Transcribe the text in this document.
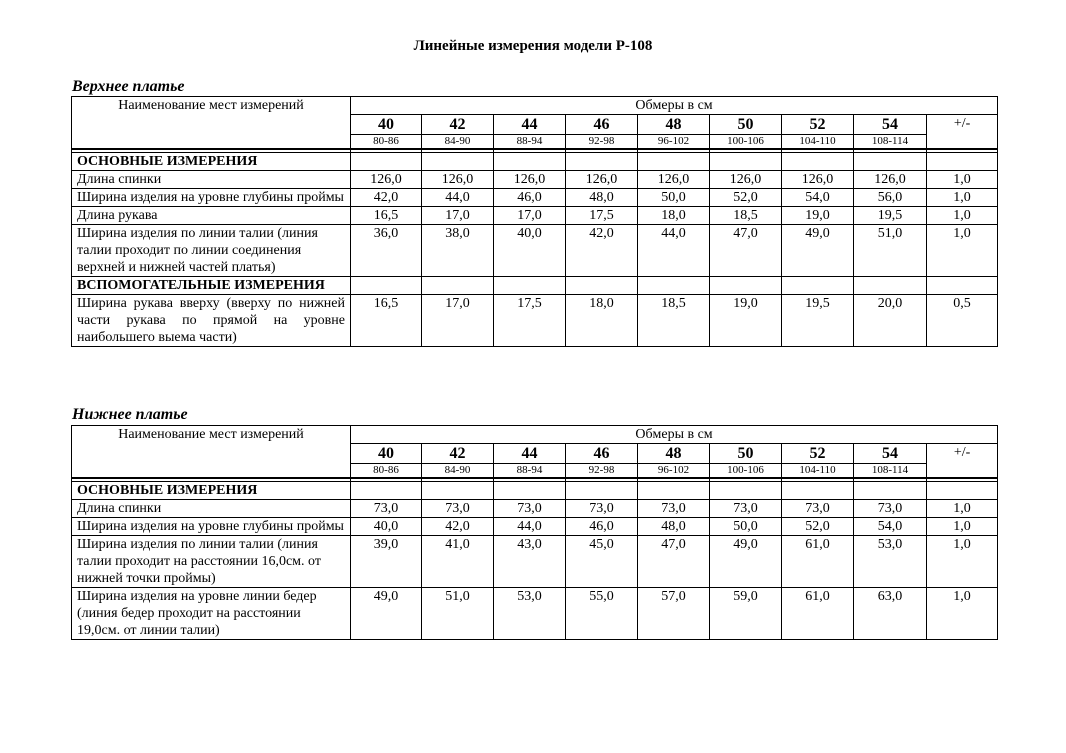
Линейные измерения модели Р-108
Верхнее платье
Наименование мест измерений	Обмеры в см								
	40	42	44	46	48	50	52	54	+/-
	80-86	84-90	88-94	92-98	96-102	100-106	104-110	108-114	

ОСНОВНЫЕ ИЗМЕРЕНИЯ									
Длина спинки	126,0	126,0	126,0	126,0	126,0	126,0	126,0	126,0	1,0
Ширина изделия на уровне глубины проймы	42,0	44,0	46,0	48,0	50,0	52,0	54,0	56,0	1,0
Длина рукава	16,5	17,0	17,0	17,5	18,0	18,5	19,0	19,5	1,0
Ширина изделия по линии талии (линия талии проходит по линии соединения верхней и нижней частей платья)	36,0	38,0	40,0	42,0	44,0	47,0	49,0	51,0	1,0
ВСПОМОГАТЕЛЬНЫЕ ИЗМЕРЕНИЯ									
Ширина рукава вверху (вверху по нижней части рукава по прямой на уровне наибольшего выема части)	16,5	17,0	17,5	18,0	18,5	19,0	19,5	20,0	0,5
Нижнее платье
Наименование мест измерений	Обмеры в см								
	40	42	44	46	48	50	52	54	+/-
	80-86	84-90	88-94	92-98	96-102	100-106	104-110	108-114	

ОСНОВНЫЕ ИЗМЕРЕНИЯ									
Длина спинки	73,0	73,0	73,0	73,0	73,0	73,0	73,0	73,0	1,0
Ширина изделия на уровне глубины проймы	40,0	42,0	44,0	46,0	48,0	50,0	52,0	54,0	1,0
Ширина изделия по линии талии (линия талии проходит на расстоянии 16,0см. от нижней точки проймы)	39,0	41,0	43,0	45,0	47,0	49,0	61,0	53,0	1,0
Ширина изделия на уровне линии бедер (линия бедер проходит на расстоянии 19,0см. от линии талии)	49,0	51,0	53,0	55,0	57,0	59,0	61,0	63,0	1,0
